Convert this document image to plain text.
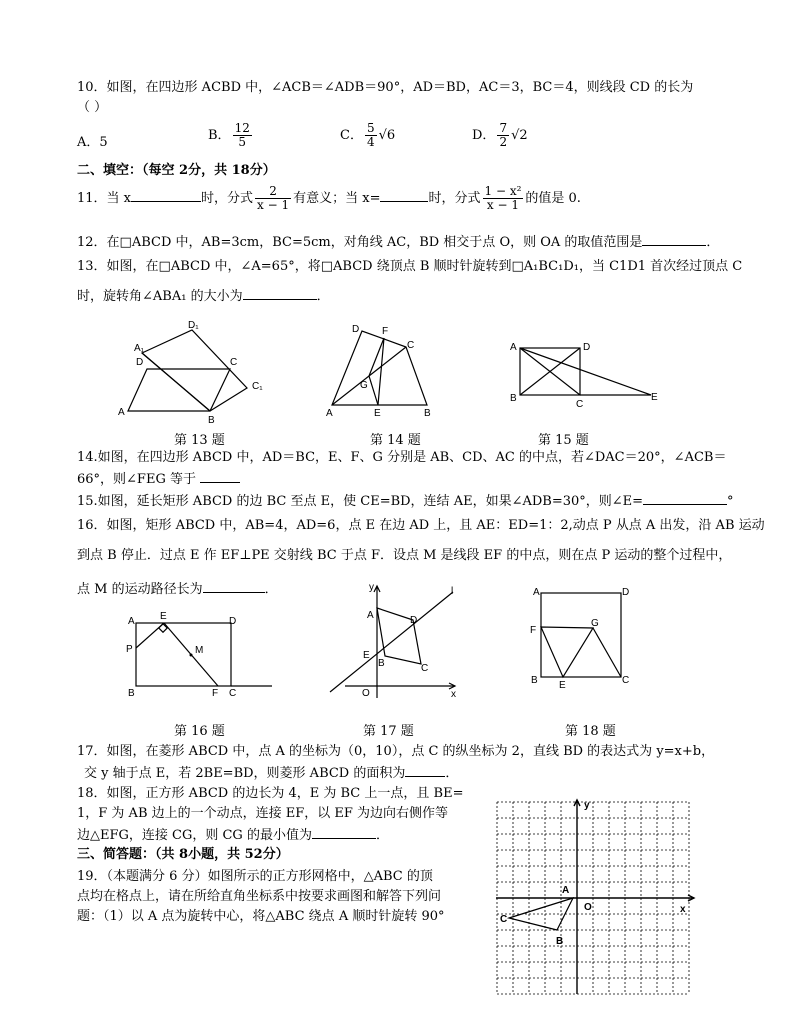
10．如图，在四边形 ACBD 中，∠ACB＝∠ADB＝90°，AD＝BD，AC＝3，BC＝4，则线段 CD 的长为
（ ）
A．5	B． $\frac{12}{5}$	C． $\frac{5}{4} √6$	D． $\frac{7}{2} √2$
二、填空：（每空 2分，共 18分）
11．当 x	时，分式 $\frac{2}{x - 1}$ 有意义；当 x=	时，分式 $\frac{\text{1 − x²}}{x - 1}$ 的值是 0.
12．在□ABCD 中，AB=3cm，BC=5cm，对角线 AC，BD 相交于点 O，则 OA 的取值范围是	．
13．如图，在□ABCD 中，∠A=65°，将□ABCD 绕顶点 B 顺时针旋转到□A₁BC₁D₁，当 C1D1 首次经过顶点 C
时，旋转角∠ABA₁ 的大小为	．
A₁
D₁
D	C
C₁
A
B
D F
C
G
A	E	B
A	D
B
C
E
第 13 题	第 14 题	第 15 题
14.如图，在四边形 ABCD 中，AD＝BC，E、F、G 分别是 AB、CD、AC 的中点，若∠DAC＝20°，∠ACB＝
66°，则∠FEG 等于
15.如图，延长矩形 ABCD 的边 BC 至点 E，使 CE=BD，连结 AE，如果∠ADB=30°，则∠E=	°
16．如图，矩形 ABCD 中，AB=4，AD=6，点 E 在边 AD 上，且 AE：ED=1：2,动点 P 从点 A 出发，沿 AB 运动
到点 B 停止．过点 E 作 EF⊥PE 交射线 BC 于点 F．设点 M 是线段 EF 的中点，则在点 P 运动的整个过程中，
点 M 的运动路径长为	．
A	E	D
P	M
B	F C
y	l
A	D
E
B	C
O	x
A	D
F
G
B E	C
第 16 题	第 17 题	第 18 题
17．如图，在菱形 ABCD 中，点 A 的坐标为（0，10），点 C 的纵坐标为 2，直线 BD 的表达式为 y=x+b，
交 y 轴于点 E，若 2BE=BD，则菱形 ABCD 的面积为	．
18．如图，正方形 ABCD 的边长为 4，E 为 BC 上一点，且 BE=
1，F 为 AB 边上的一个动点，连接 EF，以 EF 为边向右侧作等
边△EFG，连接 CG，则 CG 的最小值为	．
三、简答题：（共 8小题，共 52分）
19．（本题满分 6 分）如图所示的正方形网格中，△ABC 的顶
点均在格点上，请在所给直角坐标系中按要求画图和解答下列问
题：（1）以 A 点为旋转中心，将△ABC 绕点 A 顺时针旋转 90°
y
A
O	x
C
B
